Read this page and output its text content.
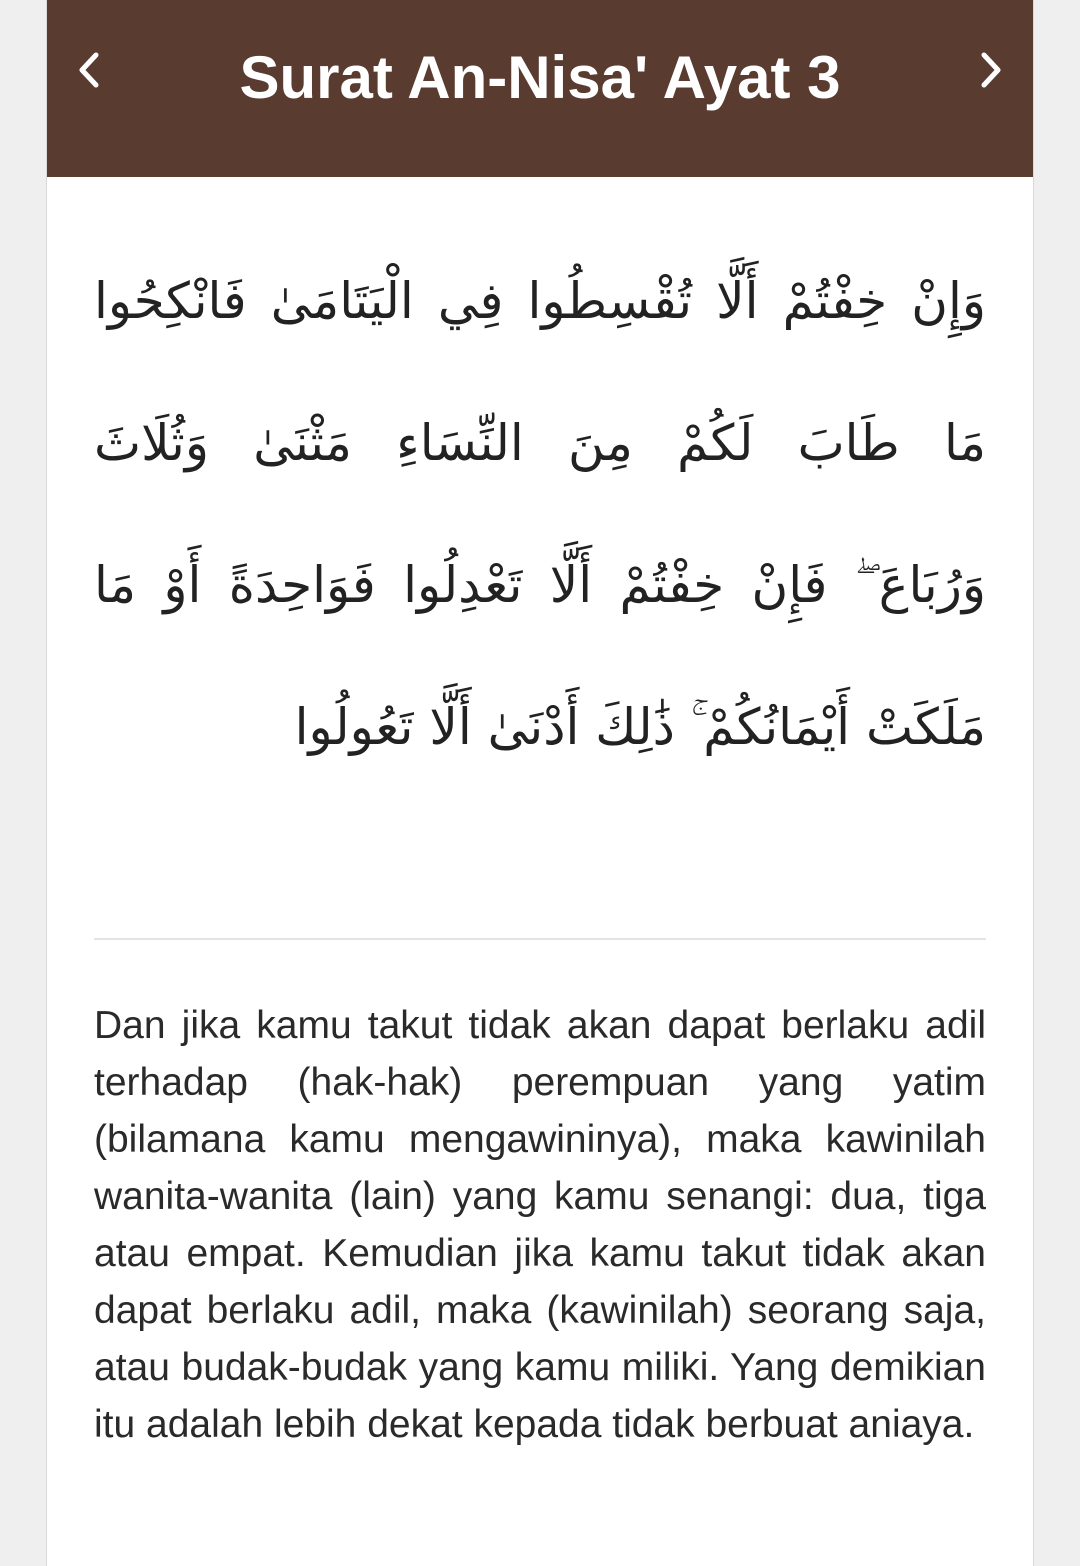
Surat An-Nisa' Ayat 3

وَإِنْ خِفْتُمْ أَلَّا تُقْسِطُوا فِي الْيَتَامَىٰ فَانْكِحُوا
مَا طَابَ لَكُمْ مِنَ النِّسَاءِ مَثْنَىٰ وَثُلَاثَ
وَرُبَاعَ ۖ فَإِنْ خِفْتُمْ أَلَّا تَعْدِلُوا فَوَاحِدَةً أَوْ مَا
مَلَكَتْ أَيْمَانُكُمْ ۚ ذَٰلِكَ أَدْنَىٰ أَلَّا تَعُولُوا

Dan jika kamu takut tidak akan dapat berlaku adil terhadap (hak-hak) perempuan yang yatim (bilamana kamu mengawininya), maka kawinilah wanita-wanita (lain) yang kamu senangi: dua, tiga atau empat. Kemudian jika kamu takut tidak akan dapat berlaku adil, maka (kawinilah) seorang saja, atau budak-budak yang kamu miliki. Yang demikian itu adalah lebih dekat kepada tidak berbuat aniaya.
